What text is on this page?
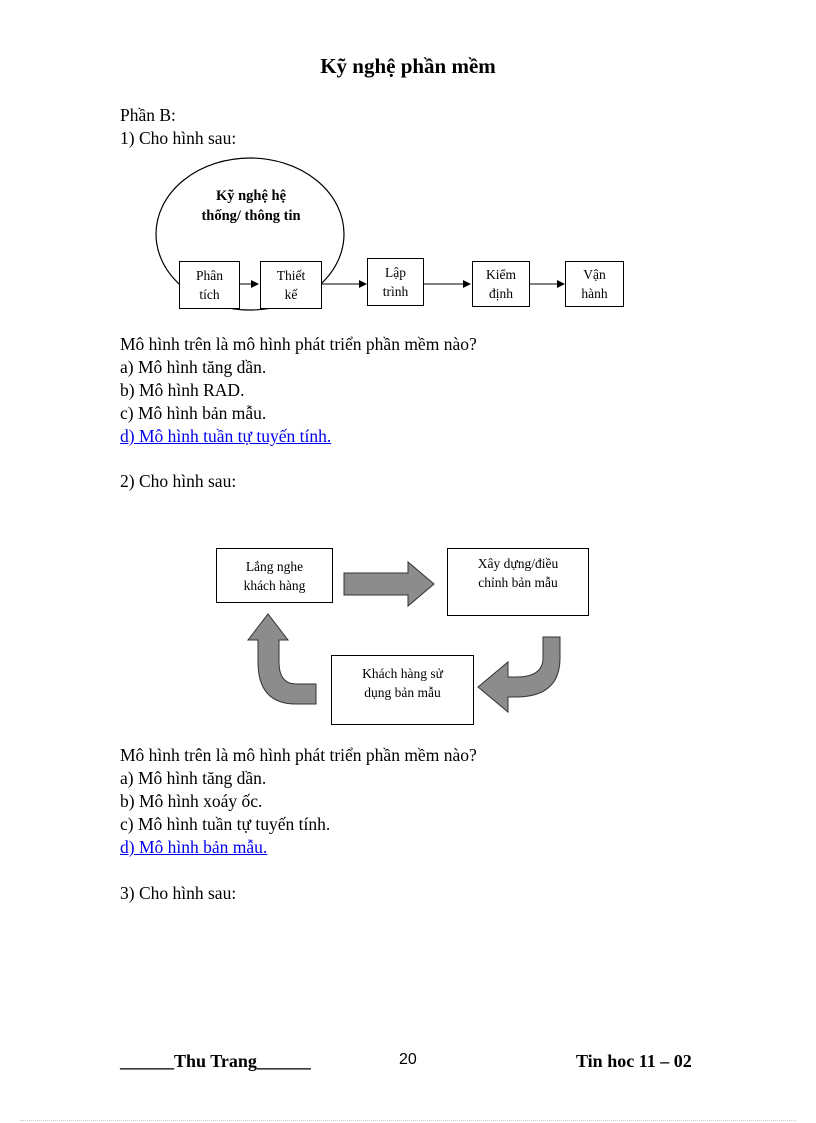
Kỹ nghệ phần mềm
Phần B:
1) Cho hình sau:
Kỹ nghệ hệ
thống/ thông tin
Phân
tích
Thiết
kế
Lập
trình
Kiểm
định
Vận
hành
Mô hình trên là mô hình phát triển phần mềm nào?
a) Mô hình tăng dần.
b) Mô hình RAD.
c) Mô hình bản mẫu.
d) Mô hình tuần tự tuyến tính.
2) Cho hình sau:
Lắng nghe
khách hàng
Xây dựng/điều
chỉnh bản mẫu
Khách hàng sử
dụng bản mẫu
Mô hình trên là mô hình phát triển phần mềm nào?
a) Mô hình tăng dần.
b) Mô hình xoáy ốc.
c) Mô hình tuần tự tuyến tính.
d) Mô hình bản mẫu.
3) Cho hình sau:
______Thu Trang______	20	Tin hoc 11 – 02
